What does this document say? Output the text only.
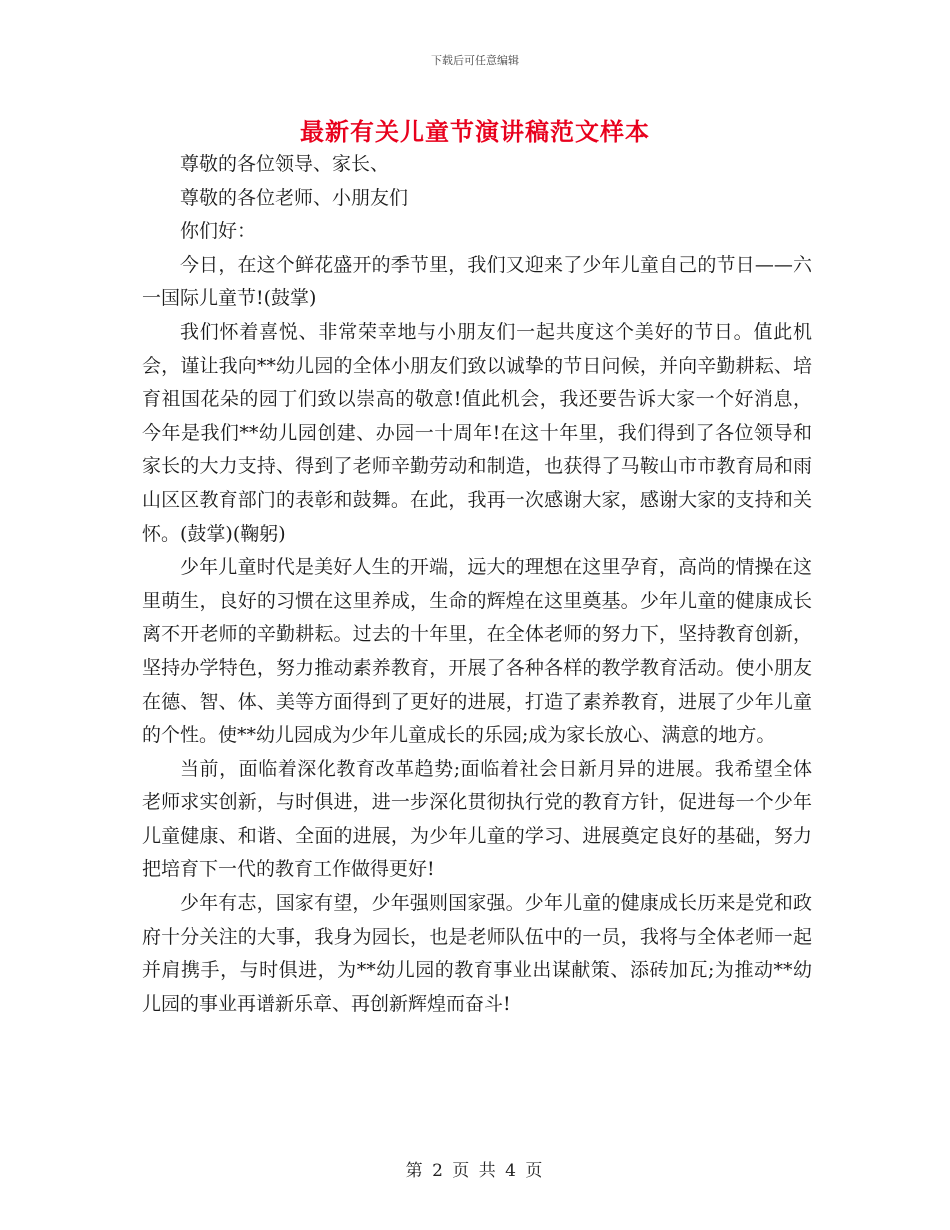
下载后可任意编辑
最新有关儿童节演讲稿范文样本

尊敬的各位领导、家长、

尊敬的各位老师、小朋友们

你们好：

今日，在这个鲜花盛开的季节里，我们又迎来了少年儿童自己的节日——六一国际儿童节!(鼓掌)

我们怀着喜悦、非常荣幸地与小朋友们一起共度这个美好的节日。值此机会，谨让我向**幼儿园的全体小朋友们致以诚挚的节日问候，并向辛勤耕耘、培育祖国花朵的园丁们致以崇高的敬意!值此机会，我还要告诉大家一个好消息，今年是我们**幼儿园创建、办园一十周年!在这十年里，我们得到了各位领导和家长的大力支持、得到了老师辛勤劳动和制造，也获得了马鞍山市市教育局和雨山区区教育部门的表彰和鼓舞。在此，我再一次感谢大家，感谢大家的支持和关怀。(鼓掌)(鞠躬)

少年儿童时代是美好人生的开端，远大的理想在这里孕育，高尚的情操在这里萌生，良好的习惯在这里养成，生命的辉煌在这里奠基。少年儿童的健康成长离不开老师的辛勤耕耘。过去的十年里，在全体老师的努力下，坚持教育创新，坚持办学特色，努力推动素养教育，开展了各种各样的教学教育活动。使小朋友在德、智、体、美等方面得到了更好的进展，打造了素养教育，进展了少年儿童的个性。使**幼儿园成为少年儿童成长的乐园;成为家长放心、满意的地方。

当前，面临着深化教育改革趋势;面临着社会日新月异的进展。我希望全体老师求实创新，与时俱进，进一步深化贯彻执行党的教育方针，促进每一个少年儿童健康、和谐、全面的进展，为少年儿童的学习、进展奠定良好的基础，努力把培育下一代的教育工作做得更好!

少年有志，国家有望，少年强则国家强。少年儿童的健康成长历来是党和政府十分关注的大事，我身为园长，也是老师队伍中的一员，我将与全体老师一起并肩携手，与时俱进，为**幼儿园的教育事业出谋献策、添砖加瓦;为推动**幼儿园的事业再谱新乐章、再创新辉煌而奋斗!

第 2 页 共 4 页
